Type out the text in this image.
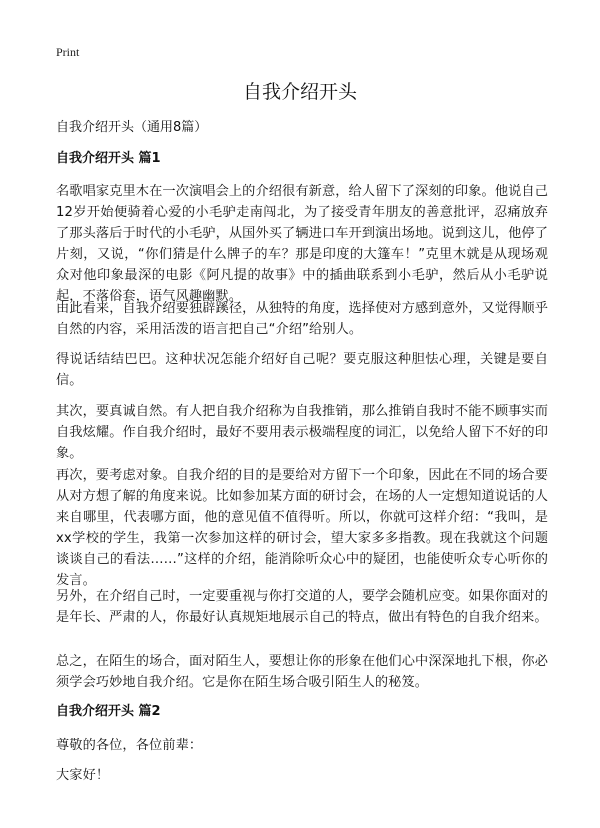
Print
自我介绍开头
自我介绍开头（通用8篇）
自我介绍开头 篇1
名歌唱家克里木在一次演唱会上的介绍很有新意，给人留下了深刻的印象。他说自己12岁开始便骑着心爱的小毛驴走南闯北，为了接受青年朋友的善意批评，忍痛放弃了那头落后于时代的小毛驴，从国外买了辆进口车开到演出场地。说到这儿，他停了片刻，又说，“你们猜是什么牌子的车？那是印度的大篷车！”克里木就是从现场观众对他印象最深的电影《阿凡提的故事》中的插曲联系到小毛驴，然后从小毛驴说起，不落俗套，语气风趣幽默。
由此看来，自我介绍要独辟蹊径，从独特的角度，选择使对方感到意外，又觉得顺乎自然的内容，采用活泼的语言把自己“介绍”给别人。
得说话结结巴巴。这种状况怎能介绍好自己呢？要克服这种胆怯心理，关键是要自信。
其次，要真诚自然。有人把自我介绍称为自我推销，那么推销自我时不能不顾事实而自我炫耀。作自我介绍时，最好不要用表示极端程度的词汇，以免给人留下不好的印象。
再次，要考虑对象。自我介绍的目的是要给对方留下一个印象，因此在不同的场合要从对方想了解的角度来说。比如参加某方面的研讨会，在场的人一定想知道说话的人来自哪里，代表哪方面，他的意见值不值得听。所以，你就可这样介绍：“我叫，是xx学校的学生，我第一次参加这样的研讨会，望大家多多指教。现在我就这个问题谈谈自己的看法……”这样的介绍，能消除听众心中的疑团，也能使听众专心听你的发言。
另外，在介绍自己时，一定要重视与你打交道的人，要学会随机应变。如果你面对的是年长、严肃的人，你最好认真规矩地展示自己的特点，做出有特色的自我介绍来。
总之，在陌生的场合，面对陌生人，要想让你的形象在他们心中深深地扎下根，你必须学会巧妙地自我介绍。它是你在陌生场合吸引陌生人的秘笈。
自我介绍开头 篇2
尊敬的各位，各位前辈：
大家好！
